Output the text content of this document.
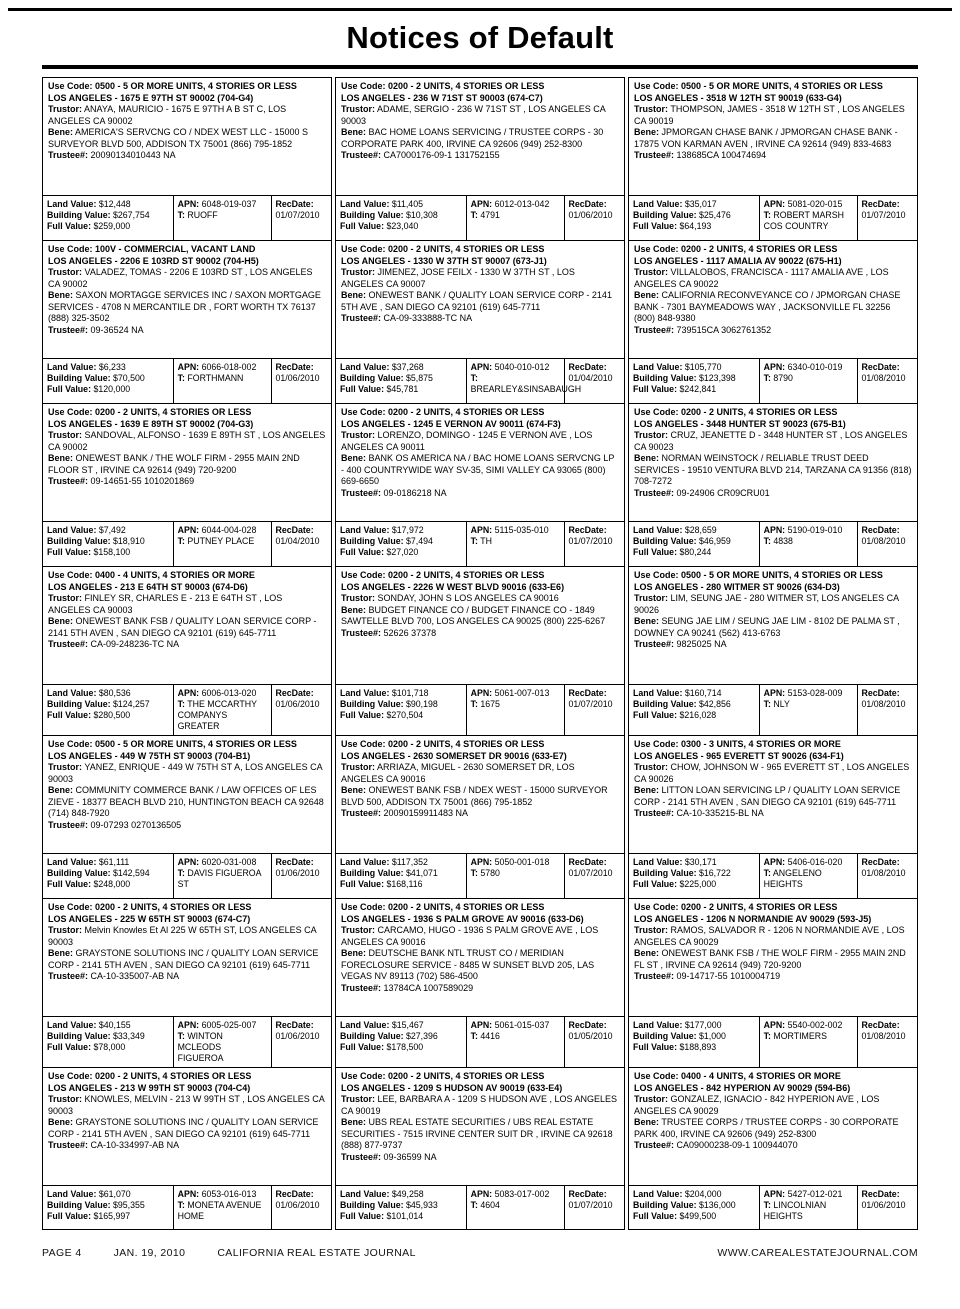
Notices of Default
Use Code: 0500 - 5 OR MORE UNITS, 4 STORIES OR LESS
LOS ANGELES - 1675 E 97TH ST 90002 (704-G4)
Trustor: ANAYA, MAURICIO - 1675 E 97TH A B ST C, LOS ANGELES CA 90002
Bene: AMERICA'S SERVCNG CO / NDEX WEST LLC - 15000 S SURVEYOR BLVD 500, ADDISON TX 75001 (866) 795-1852
Trustee#: 20090134010443 NA
Land Value: $12,448
Building Value: $267,754
Full Value: $259,000
APN: 6048-019-037
T: RUOFF
RecDate:
01/07/2010
Use Code: 100V - COMMERCIAL, VACANT LAND
LOS ANGELES - 2206 E 103RD ST 90002 (704-H5)
Trustor: VALADEZ, TOMAS - 2206 E 103RD ST , LOS ANGELES CA 90002
Bene: SAXON MORTAGGE SERVICES INC / SAXON MORTGAGE SERVICES - 4708 N MERCANTILE DR , FORT WORTH TX 76137 (888) 325-3502
Trustee#: 09-36524 NA
Land Value: $6,233
Building Value: $70,500
Full Value: $120,000
APN: 6066-018-002
T: FORTHMANN
RecDate:
01/06/2010
Use Code: 0200 - 2 UNITS, 4 STORIES OR LESS
LOS ANGELES - 1639 E 89TH ST 90002 (704-G3)
Trustor: SANDOVAL, ALFONSO - 1639 E 89TH ST , LOS ANGELES CA 90002
Bene: ONEWEST BANK / THE WOLF FIRM - 2955 MAIN 2ND FLOOR ST , IRVINE CA 92614 (949) 720-9200
Trustee#: 09-14651-55 1010201869
Land Value: $7,492
Building Value: $18,910
Full Value: $158,100
APN: 6044-004-028
T: PUTNEY PLACE
RecDate:
01/04/2010
Use Code: 0400 - 4 UNITS, 4 STORIES OR MORE
LOS ANGELES - 213 E 64TH ST 90003 (674-D6)
Trustor: FINLEY SR, CHARLES E - 213 E 64TH ST , LOS ANGELES CA 90003
Bene: ONEWEST BANK FSB / QUALITY LOAN SERVICE CORP - 2141 5TH AVEN , SAN DIEGO CA 92101 (619) 645-7711
Trustee#: CA-09-248236-TC NA
Land Value: $80,536
Building Value: $124,257
Full Value: $280,500
APN: 6006-013-020
T: THE MCCARTHY COMPANYS GREATER
RecDate:
01/06/2010
Use Code: 0500 - 5 OR MORE UNITS, 4 STORIES OR LESS
LOS ANGELES - 449 W 75TH ST 90003 (704-B1)
Trustor: YANEZ, ENRIQUE - 449 W 75TH ST A, LOS ANGELES CA 90003
Bene: COMMUNITY COMMERCE BANK / LAW OFFICES OF LES ZIEVE - 18377 BEACH BLVD 210, HUNTINGTON BEACH CA 92648 (714) 848-7920
Trustee#: 09-07293 0270136505
Land Value: $61,111
Building Value: $142,594
Full Value: $248,000
APN: 6020-031-008
T: DAVIS FIGUEROA ST
RecDate:
01/06/2010
Use Code: 0200 - 2 UNITS, 4 STORIES OR LESS
LOS ANGELES - 225 W 65TH ST 90003 (674-C7)
Trustor: Melvin Knowles Et Al 225 W 65TH ST, LOS ANGELES CA 90003
Bene: GRAYSTONE SOLUTIONS INC / QUALITY LOAN SERVICE CORP - 2141 5TH AVEN , SAN DIEGO CA 92101 (619) 645-7711
Trustee#: CA-10-335007-AB NA
Land Value: $40,155
Building Value: $33,349
Full Value: $78,000
APN: 6005-025-007
T: WINTON MCLEODS FIGUEROA
RecDate:
01/06/2010
Use Code: 0200 - 2 UNITS, 4 STORIES OR LESS
LOS ANGELES - 213 W 99TH ST 90003 (704-C4)
Trustor: KNOWLES, MELVIN - 213 W 99TH ST , LOS ANGELES CA 90003
Bene: GRAYSTONE SOLUTIONS INC / QUALITY LOAN SERVICE CORP - 2141 5TH AVEN , SAN DIEGO CA 92101 (619) 645-7711
Trustee#: CA-10-334997-AB NA
Land Value: $61,070
Building Value: $95,355
Full Value: $165,997
APN: 6053-016-013
T: MONETA AVENUE HOME
RecDate:
01/06/2010
Use Code: 0200 - 2 UNITS, 4 STORIES OR LESS
LOS ANGELES - 236 W 71ST ST 90003 (674-C7)
Trustor: ADAME, SERGIO - 236 W 71ST ST , LOS ANGELES CA 90003
Bene: BAC HOME LOANS SERVICING / TRUSTEE CORPS - 30 CORPORATE PARK 400, IRVINE CA 92606 (949) 252-8300
Trustee#: CA7000176-09-1 131752155
Land Value: $11,405
Building Value: $10,308
Full Value: $23,040
APN: 6012-013-042
T: 4791
RecDate:
01/06/2010
Use Code: 0200 - 2 UNITS, 4 STORIES OR LESS
LOS ANGELES - 1330 W 37TH ST 90007 (673-J1)
Trustor: JIMENEZ, JOSE FEILX - 1330 W 37TH ST , LOS ANGELES CA 90007
Bene: ONEWEST BANK / QUALITY LOAN SERVICE CORP - 2141 5TH AVE , SAN DIEGO CA 92101 (619) 645-7711
Trustee#: CA-09-333888-TC NA
Land Value: $37,268
Building Value: $5,875
Full Value: $45,781
APN: 5040-010-012
T: BREARLEY&SINSABAUGH
RecDate:
01/04/2010
Use Code: 0200 - 2 UNITS, 4 STORIES OR LESS
LOS ANGELES - 1245 E VERNON AV 90011 (674-F3)
Trustor: LORENZO, DOMINGO - 1245 E VERNON AVE , LOS ANGELES CA 90011
Bene: BANK OS AMERICA NA / BAC HOME LOANS SERVCNG LP - 400 COUNTRYWIDE WAY SV-35, SIMI VALLEY CA 93065 (800) 669-6650
Trustee#: 09-0186218 NA
Land Value: $17,972
Building Value: $7,494
Full Value: $27,020
APN: 5115-035-010
T: TH
RecDate:
01/07/2010
Use Code: 0200 - 2 UNITS, 4 STORIES OR LESS
LOS ANGELES - 2226 W WEST BLVD 90016 (633-E6)
Trustor: SONDAY, JOHN S LOS ANGELES CA 90016
Bene: BUDGET FINANCE CO / BUDGET FINANCE CO - 1849 SAWTELLE BLVD 700, LOS ANGELES CA 90025 (800) 225-6267
Trustee#: 52626 37378
Land Value: $101,718
Building Value: $90,198
Full Value: $270,504
APN: 5061-007-013
T: 1675
RecDate:
01/07/2010
Use Code: 0200 - 2 UNITS, 4 STORIES OR LESS
LOS ANGELES - 2630 SOMERSET DR 90016 (633-E7)
Trustor: ARRIAZA, MIGUEL - 2630 SOMERSET DR, LOS ANGELES CA 90016
Bene: ONEWEST BANK FSB / NDEX WEST - 15000 SURVEYOR BLVD 500, ADDISON TX 75001 (866) 795-1852
Trustee#: 20090159911483 NA
Land Value: $117,352
Building Value: $41,071
Full Value: $168,116
APN: 5050-001-018
T: 5780
RecDate:
01/07/2010
Use Code: 0200 - 2 UNITS, 4 STORIES OR LESS
LOS ANGELES - 1936 S PALM GROVE AV 90016 (633-D6)
Trustor: CARCAMO, HUGO - 1936 S PALM GROVE AVE , LOS ANGELES CA 90016
Bene: DEUTSCHE BANK NTL TRUST CO / MERIDIAN FORECLOSURE SERVICE - 8485 W SUNSET BLVD 205, LAS VEGAS NV 89113 (702) 586-4500
Trustee#: 13784CA 1007589029
Land Value: $15,467
Building Value: $27,396
Full Value: $178,500
APN: 5061-015-037
T: 4416
RecDate:
01/05/2010
Use Code: 0200 - 2 UNITS, 4 STORIES OR LESS
LOS ANGELES - 1209 S HUDSON AV 90019 (633-E4)
Trustor: LEE, BARBARA A - 1209 S HUDSON AVE , LOS ANGELES CA 90019
Bene: UBS REAL ESTATE SECURITIES / UBS REAL ESTATE SECURITIES - 7515 IRVINE CENTER SUIT DR , IRVINE CA 92618 (888) 877-9737
Trustee#: 09-36599 NA
Land Value: $49,258
Building Value: $45,933
Full Value: $101,014
APN: 5083-017-002
T: 4604
RecDate:
01/07/2010
Use Code: 0500 - 5 OR MORE UNITS, 4 STORIES OR LESS
LOS ANGELES - 3518 W 12TH ST 90019 (633-G4)
Trustor: THOMPSON, JAMES - 3518 W 12TH ST , LOS ANGELES CA 90019
Bene: JPMORGAN CHASE BANK / JPMORGAN CHASE BANK - 17875 VON KARMAN AVEN , IRVINE CA 92614 (949) 833-4683
Trustee#: 138685CA 100474694
Land Value: $35,017
Building Value: $25,476
Full Value: $64,193
APN: 5081-020-015
T: ROBERT MARSH COS COUNTRY
RecDate:
01/07/2010
Use Code: 0200 - 2 UNITS, 4 STORIES OR LESS
LOS ANGELES - 1117 AMALIA AV 90022 (675-H1)
Trustor: VILLALOBOS, FRANCISCA - 1117 AMALIA AVE , LOS ANGELES CA 90022
Bene: CALIFORNIA RECONVEYANCE CO / JPMORGAN CHASE BANK - 7301 BAYMEADOWS WAY , JACKSONVILLE FL 32256 (800) 848-9380
Trustee#: 739515CA 3062761352
Land Value: $105,770
Building Value: $123,398
Full Value: $242,841
APN: 6340-010-019
T: 8790
RecDate:
01/08/2010
Use Code: 0200 - 2 UNITS, 4 STORIES OR LESS
LOS ANGELES - 3448 HUNTER ST 90023 (675-B1)
Trustor: CRUZ, JEANETTE D - 3448 HUNTER ST , LOS ANGELES CA 90023
Bene: NORMAN WEINSTOCK / RELIABLE TRUST DEED SERVICES - 19510 VENTURA BLVD 214, TARZANA CA 91356 (818) 708-7272
Trustee#: 09-24906 CR09CRU01
Land Value: $28,659
Building Value: $46,959
Full Value: $80,244
APN: 5190-019-010
T: 4838
RecDate:
01/08/2010
Use Code: 0500 - 5 OR MORE UNITS, 4 STORIES OR LESS
LOS ANGELES - 280 WITMER ST 90026 (634-D3)
Trustor: LIM, SEUNG JAE - 280 WITMER ST, LOS ANGELES CA 90026
Bene: SEUNG JAE LIM / SEUNG JAE LIM - 8102 DE PALMA ST , DOWNEY CA 90241 (562) 413-6763
Trustee#: 9825025 NA
Land Value: $160,714
Building Value: $42,856
Full Value: $216,028
APN: 5153-028-009
T: NLY
RecDate:
01/08/2010
Use Code: 0300 - 3 UNITS, 4 STORIES OR MORE
LOS ANGELES - 965 EVERETT ST 90026 (634-F1)
Trustor: CHOW, JOHNSON W - 965 EVERETT ST , LOS ANGELES CA 90026
Bene: LITTON LOAN SERVICING LP / QUALITY LOAN SERVICE CORP - 2141 5TH AVEN , SAN DIEGO CA 92101 (619) 645-7711
Trustee#: CA-10-335215-BL NA
Land Value: $30,171
Building Value: $16,722
Full Value: $225,000
APN: 5406-016-020
T: ANGELENO HEIGHTS
RecDate:
01/08/2010
Use Code: 0200 - 2 UNITS, 4 STORIES OR LESS
LOS ANGELES - 1206 N NORMANDIE AV 90029 (593-J5)
Trustor: RAMOS, SALVADOR R - 1206 N NORMANDIE AVE , LOS ANGELES CA 90029
Bene: ONEWEST BANK FSB / THE WOLF FIRM - 2955 MAIN 2ND FL ST , IRVINE CA 92614 (949) 720-9200
Trustee#: 09-14717-55 1010004719
Land Value: $177,000
Building Value: $1,000
Full Value: $188,893
APN: 5540-002-002
T: MORTIMERS
RecDate:
01/08/2010
Use Code: 0400 - 4 UNITS, 4 STORIES OR MORE
LOS ANGELES - 842 HYPERION AV 90029 (594-B6)
Trustor: GONZALEZ, IGNACIO - 842 HYPERION AVE , LOS ANGELES CA 90029
Bene: TRUSTEE CORPS / TRUSTEE CORPS - 30 CORPORATE PARK 400, IRVINE CA 92606 (949) 252-8300
Trustee#: CA09000238-09-1 100944070
Land Value: $204,000
Building Value: $136,000
Full Value: $499,500
APN: 5427-012-021
T: LINCOLNIAN HEIGHTS
RecDate:
01/06/2010
PAGE 4	JAN. 19, 2010	CALIFORNIA REAL ESTATE JOURNAL	WWW.CAREALESTATEJOURNAL.COM
